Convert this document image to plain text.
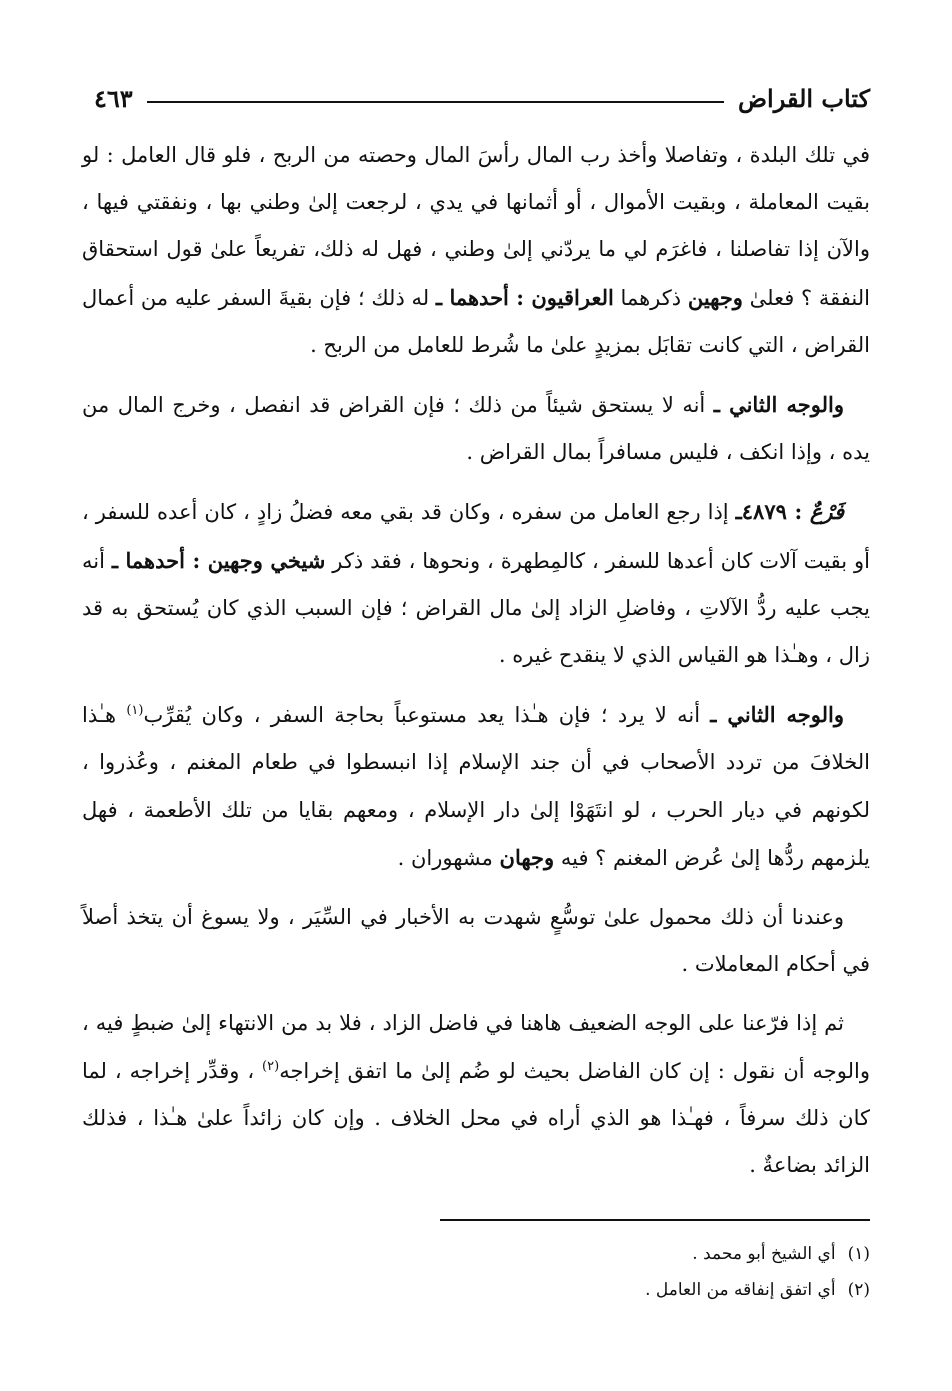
كتاب القراض
٤٦٣

في تلك البلدة ، وتفاصلا وأخذ رب المال رأسَ المال وحصته من الربح ، فلو قال العامل : لو بقيت المعاملة ، وبقيت الأموال ، أو أثمانها في يدي ، لرجعت إلىٰ وطني بها ، ونفقتي فيها ، والآن إذا تفاصلنا ، فاغرَم لي ما يردّني إلىٰ وطني ، فهل له ذلك، تفريعاً علىٰ قول استحقاق النفقة ؟ فعلىٰ وجهين ذكرهما العراقيون : أحدهما ـ له ذلك ؛ فإن بقيةَ السفر عليه من أعمال القراض ، التي كانت تقابَل بمزيدٍ علىٰ ما شُرط للعامل من الربح .

والوجه الثاني ـ أنه لا يستحق شيئاً من ذلك ؛ فإن القراض قد انفصل ، وخرج المال من يده ، وإذا انكف ، فليس مسافراً بمال القراض .

فَرْعٌ : ٤٨٧٩ـ إذا رجع العامل من سفره ، وكان قد بقي معه فضلُ زادٍ ، كان أعده للسفر ، أو بقيت آلات كان أعدها للسفر ، كالمِطهرة ، ونحوها ، فقد ذكر شيخي وجهين : أحدهما ـ أنه يجب عليه ردُّ الآلاتِ ، وفاضلِ الزاد إلىٰ مال القراض ؛ فإن السبب الذي كان يُستحق به قد زال ، وهـٰذا هو القياس الذي لا ينقدح غيره .

والوجه الثاني ـ أنه لا يرد ؛ فإن هـٰذا يعد مستوعباً بحاجة السفر ، وكان يُقرِّب$^{(١)}$ هـٰذا الخلافَ من تردد الأصحاب في أن جند الإسلام إذا انبسطوا في طعام المغنم ، وعُذروا ، لكونهم في ديار الحرب ، لو انتَهَوْا إلىٰ دار الإسلام ، ومعهم بقايا من تلك الأطعمة ، فهل يلزمهم ردُّها إلىٰ عُرض المغنم ؟ فيه وجهان مشهوران .

وعندنا أن ذلك محمول علىٰ توسُّعٍ شهدت به الأخبار في السِّيَر ، ولا يسوغ أن يتخذ أصلاً في أحكام المعاملات .

ثم إذا فرّعنا على الوجه الضعيف هاهنا في فاضل الزاد ، فلا بد من الانتهاء إلىٰ ضبطٍ فيه ، والوجه أن نقول : إن كان الفاضل بحيث لو ضُم إلىٰ ما اتفق إخراجه$^{(٢)}$ ، وقدِّر إخراجه ، لما كان ذلك سرفاً ، فهـٰذا هو الذي أراه في محل الخلاف . وإن كان زائداً علىٰ هـٰذا ، فذلك الزائد بضاعةٌ .

(١)
أي الشيخ أبو محمد .
(٢)
أي اتفق إنفاقه من العامل .
